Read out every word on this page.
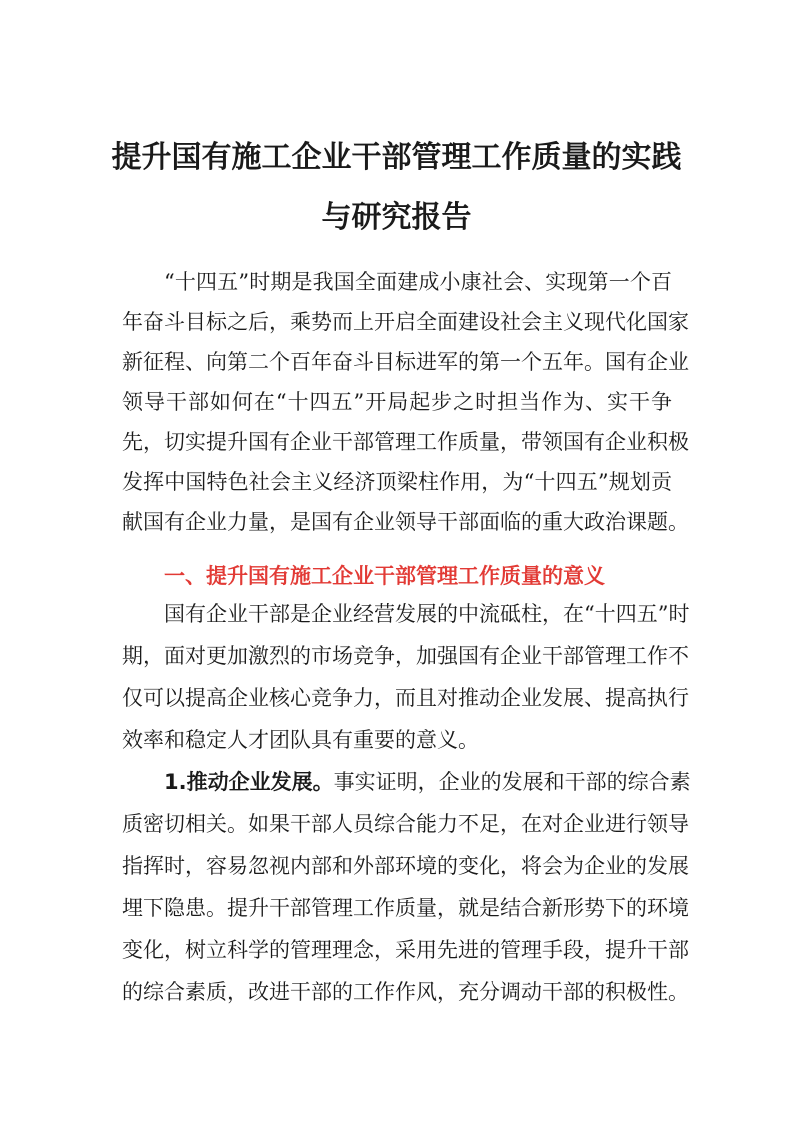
提升国有施工企业干部管理工作质量的实践
与研究报告
“十四五”时期是我国全面建成小康社会、实现第一个百
年奋斗目标之后，乘势而上开启全面建设社会主义现代化国家
新征程、向第二个百年奋斗目标进军的第一个五年。国有企业
领导干部如何在“十四五”开局起步之时担当作为、实干争
先，切实提升国有企业干部管理工作质量，带领国有企业积极
发挥中国特色社会主义经济顶梁柱作用，为“十四五”规划贡
献国有企业力量，是国有企业领导干部面临的重大政治课题。
一、提升国有施工企业干部管理工作质量的意义
国有企业干部是企业经营发展的中流砥柱，在“十四五”时
期，面对更加激烈的市场竞争，加强国有企业干部管理工作不
仅可以提高企业核心竞争力，而且对推动企业发展、提高执行
效率和稳定人才团队具有重要的意义。
1.推动企业发展。事实证明，企业的发展和干部的综合素
质密切相关。如果干部人员综合能力不足，在对企业进行领导
指挥时，容易忽视内部和外部环境的变化，将会为企业的发展
埋下隐患。提升干部管理工作质量，就是结合新形势下的环境
变化，树立科学的管理理念，采用先进的管理手段，提升干部
的综合素质，改进干部的工作作风，充分调动干部的积极性。
